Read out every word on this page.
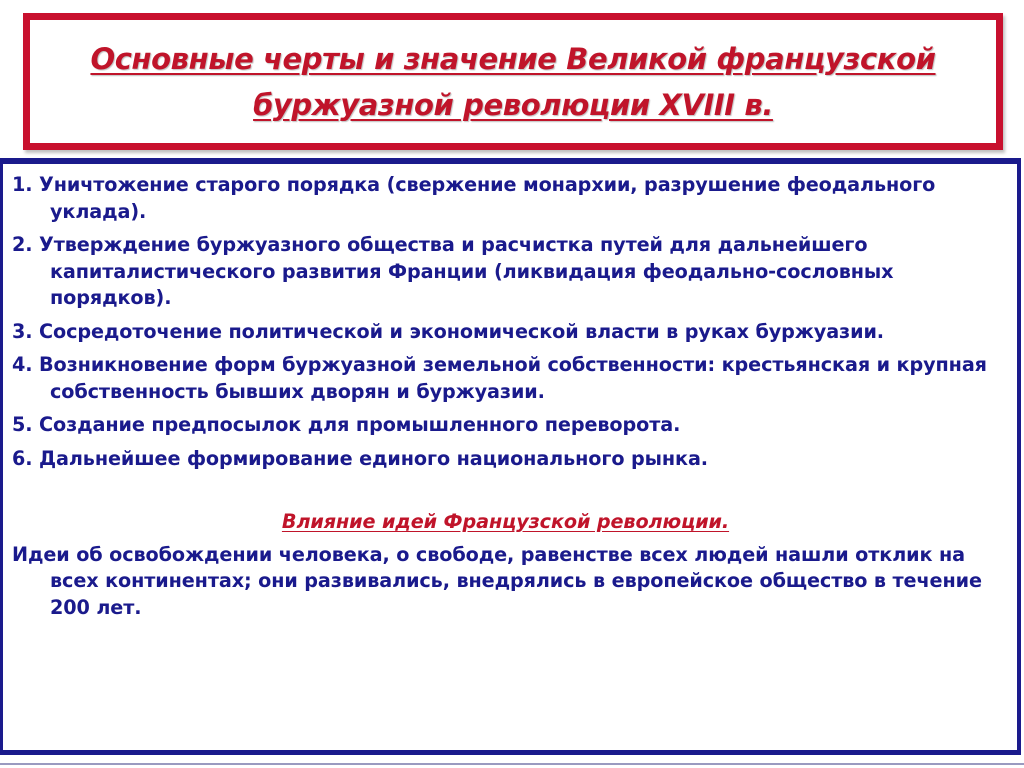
Основные черты и значение Великой французской
буржуазной революции XVIII в.
1. Уничтожение старого порядка (свержение монархии, разрушение феодального уклада).
2. Утверждение буржуазного общества и расчистка путей для дальнейшего капиталистического развития Франции (ликвидация феодально-сословных порядков).
3. Сосредоточение политической и экономической власти в руках буржуазии.
4. Возникновение форм буржуазной земельной собственности: крестьянская и крупная собственность бывших дворян и буржуазии.
5. Создание предпосылок для промышленного переворота.
6. Дальнейшее формирование единого национального рынка.
Влияние идей Французской революции.
Идеи об освобождении человека, о свободе, равенстве всех людей нашли отклик на всех континентах; они развивались, внедрялись в европейское общество в течение 200 лет.
